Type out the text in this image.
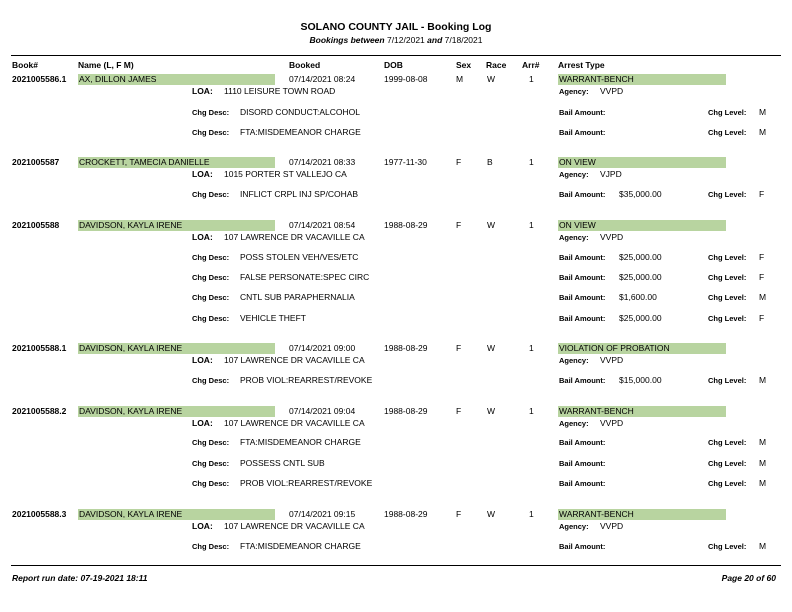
SOLANO COUNTY JAIL - Booking Log
Bookings between 7/12/2021 and 7/18/2021
Book#	Name (L, F M)	Booked	DOB	Sex Race Arr# Arrest Type
2021005586.1 AX, DILLON JAMES	07/14/2021 08:24	1999-08-08	M	W	1	WARRANT-BENCH
LOA: 1110 LEISURE TOWN ROAD	Agency: VVPD
Chg Desc: DISORD CONDUCT:ALCOHOL	Bail Amount:	Chg Level: M
Chg Desc: FTA:MISDEMEANOR CHARGE	Bail Amount:	Chg Level: M
2021005587 CROCKETT, TAMECIA DANIELLE	07/14/2021 08:33	1977-11-30	F	B	1	ON VIEW
LOA: 1015 PORTER ST VALLEJO CA	Agency: VJPD
Chg Desc: INFLICT CRPL INJ SP/COHAB	Bail Amount: $35,000.00	Chg Level: F
2021005588 DAVIDSON, KAYLA IRENE	07/14/2021 08:54	1988-08-29	F	W	1	ON VIEW
LOA: 107 LAWRENCE DR VACAVILLE CA	Agency: VVPD
Chg Desc: POSS STOLEN VEH/VES/ETC	Bail Amount: $25,000.00	Chg Level: F
Chg Desc: FALSE PERSONATE:SPEC CIRC	Bail Amount: $25,000.00	Chg Level: F
Chg Desc: CNTL SUB PARAPHERNALIA	Bail Amount: $1,600.00	Chg Level: M
Chg Desc: VEHICLE THEFT	Bail Amount: $25,000.00	Chg Level: F
2021005588.1 DAVIDSON, KAYLA IRENE	07/14/2021 09:00	1988-08-29	F	W	1	VIOLATION OF PROBATION
LOA: 107 LAWRENCE DR VACAVILLE CA	Agency: VVPD
Chg Desc: PROB VIOL:REARREST/REVOKE	Bail Amount: $15,000.00	Chg Level: M
2021005588.2 DAVIDSON, KAYLA IRENE	07/14/2021 09:04	1988-08-29	F	W	1	WARRANT-BENCH
LOA: 107 LAWRENCE DR VACAVILLE CA	Agency: VVPD
Chg Desc: FTA:MISDEMEANOR CHARGE	Bail Amount:	Chg Level: M
Chg Desc: POSSESS CNTL SUB	Bail Amount:	Chg Level: M
Chg Desc: PROB VIOL:REARREST/REVOKE	Bail Amount:	Chg Level: M
2021005588.3 DAVIDSON, KAYLA IRENE	07/14/2021 09:15	1988-08-29	F	W	1	WARRANT-BENCH
LOA: 107 LAWRENCE DR VACAVILLE CA	Agency: VVPD
Chg Desc: FTA:MISDEMEANOR CHARGE	Bail Amount:	Chg Level: M
Report run date: 07-19-2021 18:11	Page 20 of 60
